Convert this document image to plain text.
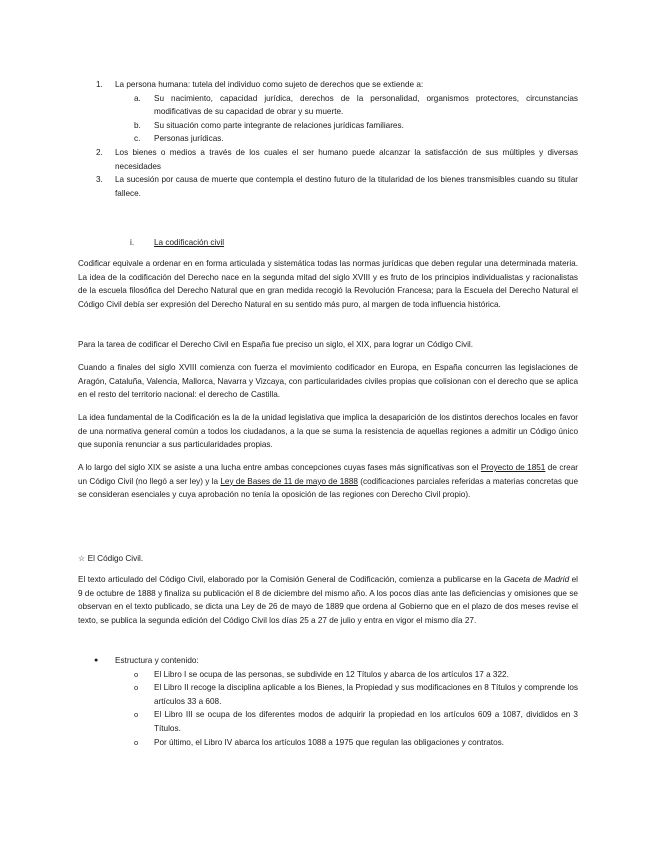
1. La persona humana: tutela del individuo como sujeto de derechos que se extiende a:
a. Su nacimiento, capacidad jurídica, derechos de la personalidad, organismos protectores, circunstancias modificativas de su capacidad de obrar y su muerte.
b. Su situación como parte integrante de relaciones jurídicas familiares.
c. Personas jurídicas.
2. Los bienes o medios a través de los cuales el ser humano puede alcanzar la satisfacción de sus múltiples y diversas necesidades
3. La sucesión por causa de muerte que contempla el destino futuro de la titularidad de los bienes transmisibles cuando su titular fallece.
i. La codificación civil

Codificar equivale a ordenar en en forma articulada y sistemática todas las normas jurídicas que deben regular una determinada materia. La idea de la codificación del Derecho nace en la segunda mitad del siglo XVIII y es fruto de los principios individualistas y racionalistas de la escuela filosófica del Derecho Natural que en gran medida recogió la Revolución Francesa; para la Escuela del Derecho Natural el Código Civil debía ser expresión del Derecho Natural en su sentido más puro, al margen de toda influencia histórica.

Para la tarea de codificar el Derecho Civil en España fue preciso un siglo, el XIX, para lograr un Código Civil.

Cuando a finales del siglo XVIII comienza con fuerza el movimiento codificador en Europa, en España concurren las legislaciones de Aragón, Cataluña, Valencia, Mallorca, Navarra y Vizcaya, con particularidades civiles propias que colisionan con el derecho que se aplica en el resto del territorio nacional: el derecho de Castilla.

La idea fundamental de la Codificación es la de la unidad legislativa que implica la desaparición de los distintos derechos locales en favor de una normativa general común a todos los ciudadanos, a la que se suma la resistencia de aquellas regiones a admitir un Código único que suponía renunciar a sus particularidades propias.

A lo largo del siglo XIX se asiste a una lucha entre ambas concepciones cuyas fases más significativas son el Proyecto de 1851 de crear un Código Civil (no llegó a ser ley) y la Ley de Bases de 11 de mayo de 1888 (codificaciones parciales referidas a materias concretas que se consideran esenciales y cuya aprobación no tenía la oposición de las regiones con Derecho Civil propio).

☆ El Código Civil.

El texto articulado del Código Civil, elaborado por la Comisión General de Codificación, comienza a publicarse en la Gaceta de Madrid el 9 de octubre de 1888 y finaliza su publicación el 8 de diciembre del mismo año. A los pocos días ante las deficiencias y omisiones que se observan en el texto publicado, se dicta una Ley de 26 de mayo de 1889 que ordena al Gobierno que en el plazo de dos meses revise el texto, se publica la segunda edición del Código Civil los días 25 a 27 de julio y entra en vigor el mismo día 27.

● Estructura y contenido:
o El Libro I se ocupa de las personas, se subdivide en 12 Títulos y abarca de los artículos 17 a 322.
o El Libro II recoge la disciplina aplicable a los Bienes, la Propiedad y sus modificaciones en 8 Títulos y comprende los artículos 33 a 608.
o El Libro III se ocupa de los diferentes modos de adquirir la propiedad en los artículos 609 a 1087, divididos en 3 Títulos.
o Por último, el Libro IV abarca los artículos 1088 a 1975 que regulan las obligaciones y contratos.
